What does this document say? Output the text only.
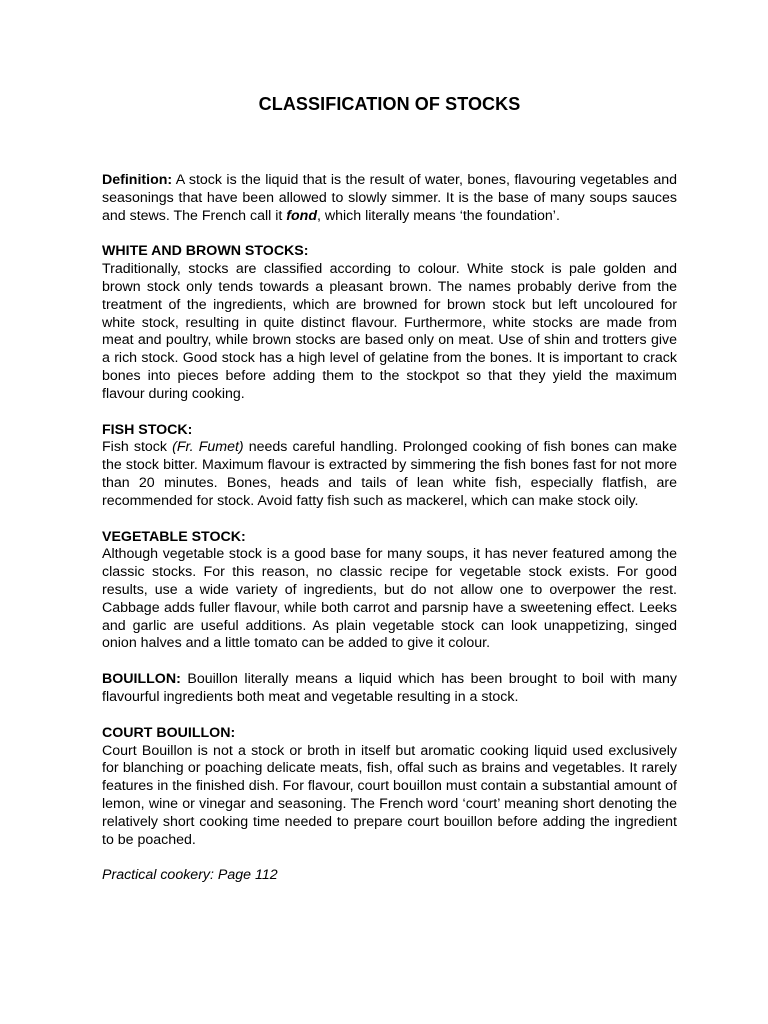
CLASSIFICATION OF STOCKS

Definition: A stock is the liquid that is the result of water, bones, flavouring vegetables and seasonings that have been allowed to slowly simmer. It is the base of many soups sauces and stews. The French call it fond, which literally means ‘the foundation’.

WHITE AND BROWN STOCKS:

Traditionally, stocks are classified according to colour. White stock is pale golden and brown stock only tends towards a pleasant brown. The names probably derive from the treatment of the ingredients, which are browned for brown stock but left uncoloured for white stock, resulting in quite distinct flavour. Furthermore, white stocks are made from meat and poultry, while brown stocks are based only on meat. Use of shin and trotters give a rich stock. Good stock has a high level of gelatine from the bones. It is important to crack bones into pieces before adding them to the stockpot so that they yield the maximum flavour during cooking.

FISH STOCK:

Fish stock (Fr. Fumet) needs careful handling. Prolonged cooking of fish bones can make the stock bitter. Maximum flavour is extracted by simmering the fish bones fast for not more than 20 minutes. Bones, heads and tails of lean white fish, especially flatfish, are recommended for stock. Avoid fatty fish such as mackerel, which can make stock oily.

VEGETABLE STOCK:

Although vegetable stock is a good base for many soups, it has never featured among the classic stocks. For this reason, no classic recipe for vegetable stock exists. For good results, use a wide variety of ingredients, but do not allow one to overpower the rest. Cabbage adds fuller flavour, while both carrot and parsnip have a sweetening effect. Leeks and garlic are useful additions. As plain vegetable stock can look unappetizing, singed onion halves and a little tomato can be added to give it colour.

BOUILLON: Bouillon literally means a liquid which has been brought to boil with many flavourful ingredients both meat and vegetable resulting in a stock.

COURT BOUILLON:

Court Bouillon is not a stock or broth in itself but aromatic cooking liquid used exclusively for blanching or poaching delicate meats, fish, offal such as brains and vegetables. It rarely features in the finished dish. For flavour, court bouillon must contain a substantial amount of lemon, wine or vinegar and seasoning. The French word ‘court’ meaning short denoting the relatively short cooking time needed to prepare court bouillon before adding the ingredient to be poached.

Practical cookery: Page 112
